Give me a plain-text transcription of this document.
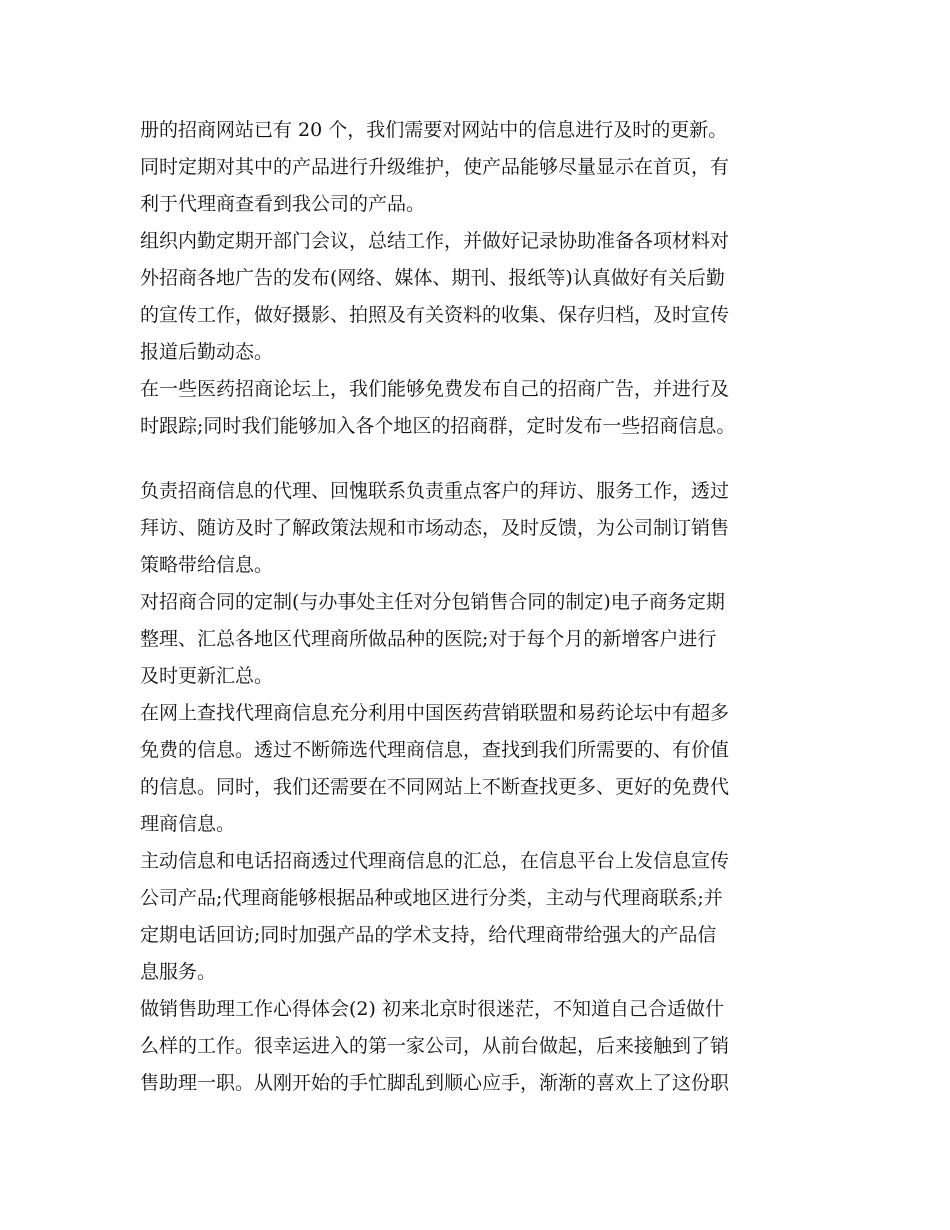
册的招商网站已有 20 个，我们需要对网站中的信息进行及时的更新。
同时定期对其中的产品进行升级维护，使产品能够尽量显示在首页，有
利于代理商查看到我公司的产品。
组织内勤定期开部门会议，总结工作，并做好记录协助准备各项材料对
外招商各地广告的发布(网络、媒体、期刊、报纸等)认真做好有关后勤
的宣传工作，做好摄影、拍照及有关资料的收集、保存归档，及时宣传
报道后勤动态。
在一些医药招商论坛上，我们能够免费发布自己的招商广告，并进行及
时跟踪;同时我们能够加入各个地区的招商群，定时发布一些招商信息。
负责招商信息的代理、回愧联系负责重点客户的拜访、服务工作，透过
拜访、随访及时了解政策法规和市场动态，及时反馈，为公司制订销售
策略带给信息。
对招商合同的定制(与办事处主任对分包销售合同的制定)电子商务定期
整理、汇总各地区代理商所做品种的医院;对于每个月的新增客户进行
及时更新汇总。
在网上查找代理商信息充分利用中国医药营销联盟和易药论坛中有超多
免费的信息。透过不断筛选代理商信息，查找到我们所需要的、有价值
的信息。同时，我们还需要在不同网站上不断查找更多、更好的免费代
理商信息。
主动信息和电话招商透过代理商信息的汇总，在信息平台上发信息宣传
公司产品;代理商能够根据品种或地区进行分类，主动与代理商联系;并
定期电话回访;同时加强产品的学术支持，给代理商带给强大的产品信
息服务。
做销售助理工作心得体会(2) 初来北京时很迷茫，不知道自己合适做什
么样的工作。很幸运进入的第一家公司，从前台做起，后来接触到了销
售助理一职。从刚开始的手忙脚乱到顺心应手，渐渐的喜欢上了这份职
